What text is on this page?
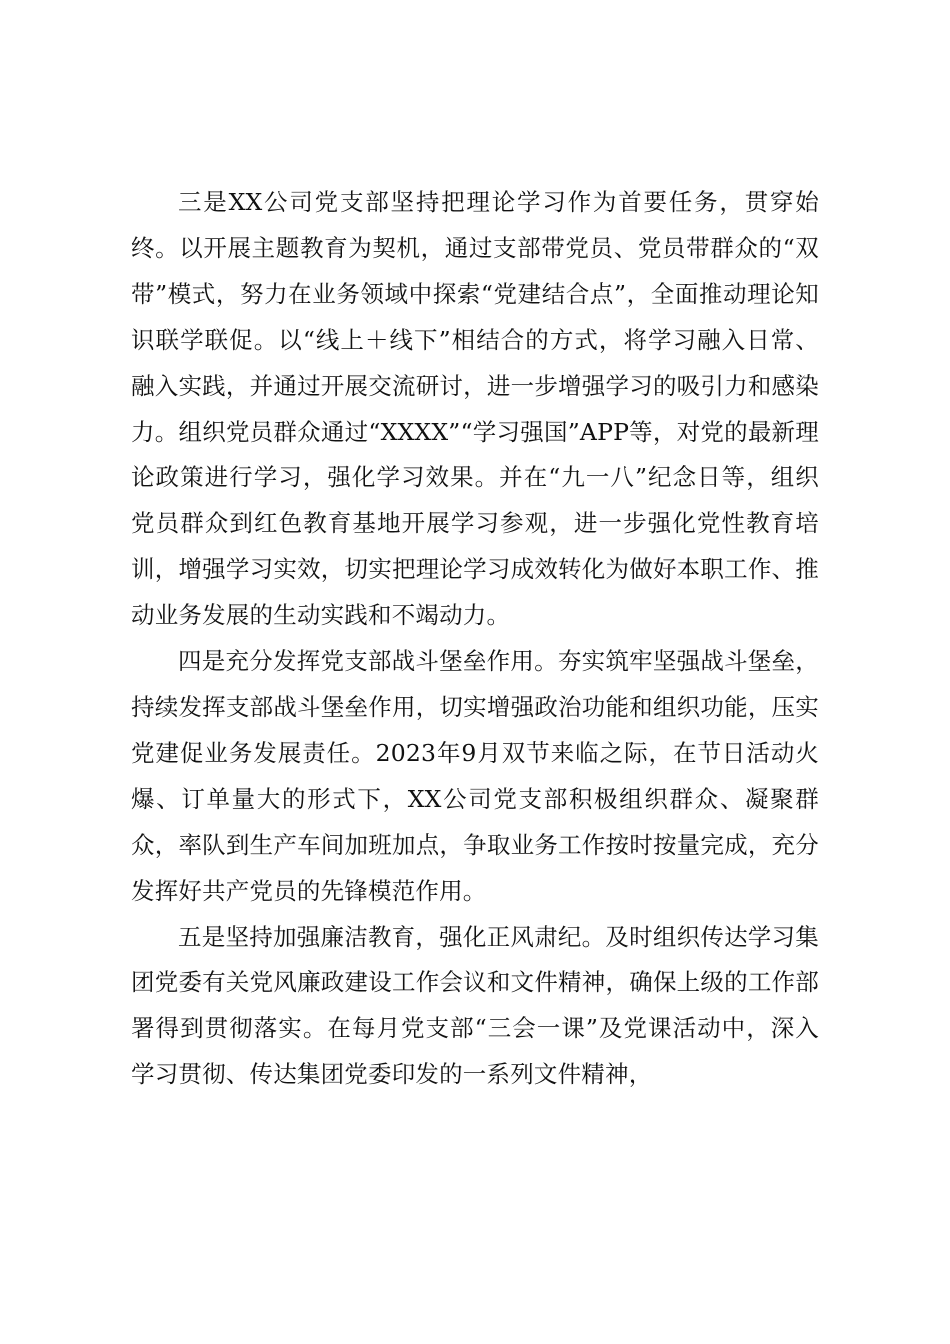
三是XX公司党支部坚持把理论学习作为首要任务，贯穿始终。以开展主题教育为契机，通过支部带党员、党员带群众的“双带”模式，努力在业务领域中探索“党建结合点”，全面推动理论知识联学联促。以“线上＋线下”相结合的方式，将学习融入日常、融入实践，并通过开展交流研讨，进一步增强学习的吸引力和感染力。组织党员群众通过“XXXX”“学习强国”APP等，对党的最新理论政策进行学习，强化学习效果。并在“九一八”纪念日等，组织党员群众到红色教育基地开展学习参观，进一步强化党性教育培训，增强学习实效，切实把理论学习成效转化为做好本职工作、推动业务发展的生动实践和不竭动力。

四是充分发挥党支部战斗堡垒作用。夯实筑牢坚强战斗堡垒，持续发挥支部战斗堡垒作用，切实增强政治功能和组织功能，压实党建促业务发展责任。2023年9月双节来临之际，在节日活动火爆、订单量大的形式下，XX公司党支部积极组织群众、凝聚群众，率队到生产车间加班加点，争取业务工作按时按量完成，充分发挥好共产党员的先锋模范作用。

五是坚持加强廉洁教育，强化正风肃纪。及时组织传达学习集团党委有关党风廉政建设工作会议和文件精神，确保上级的工作部署得到贯彻落实。在每月党支部“三会一课”及党课活动中，深入学习贯彻、传达集团党委印发的一系列文件精神，
